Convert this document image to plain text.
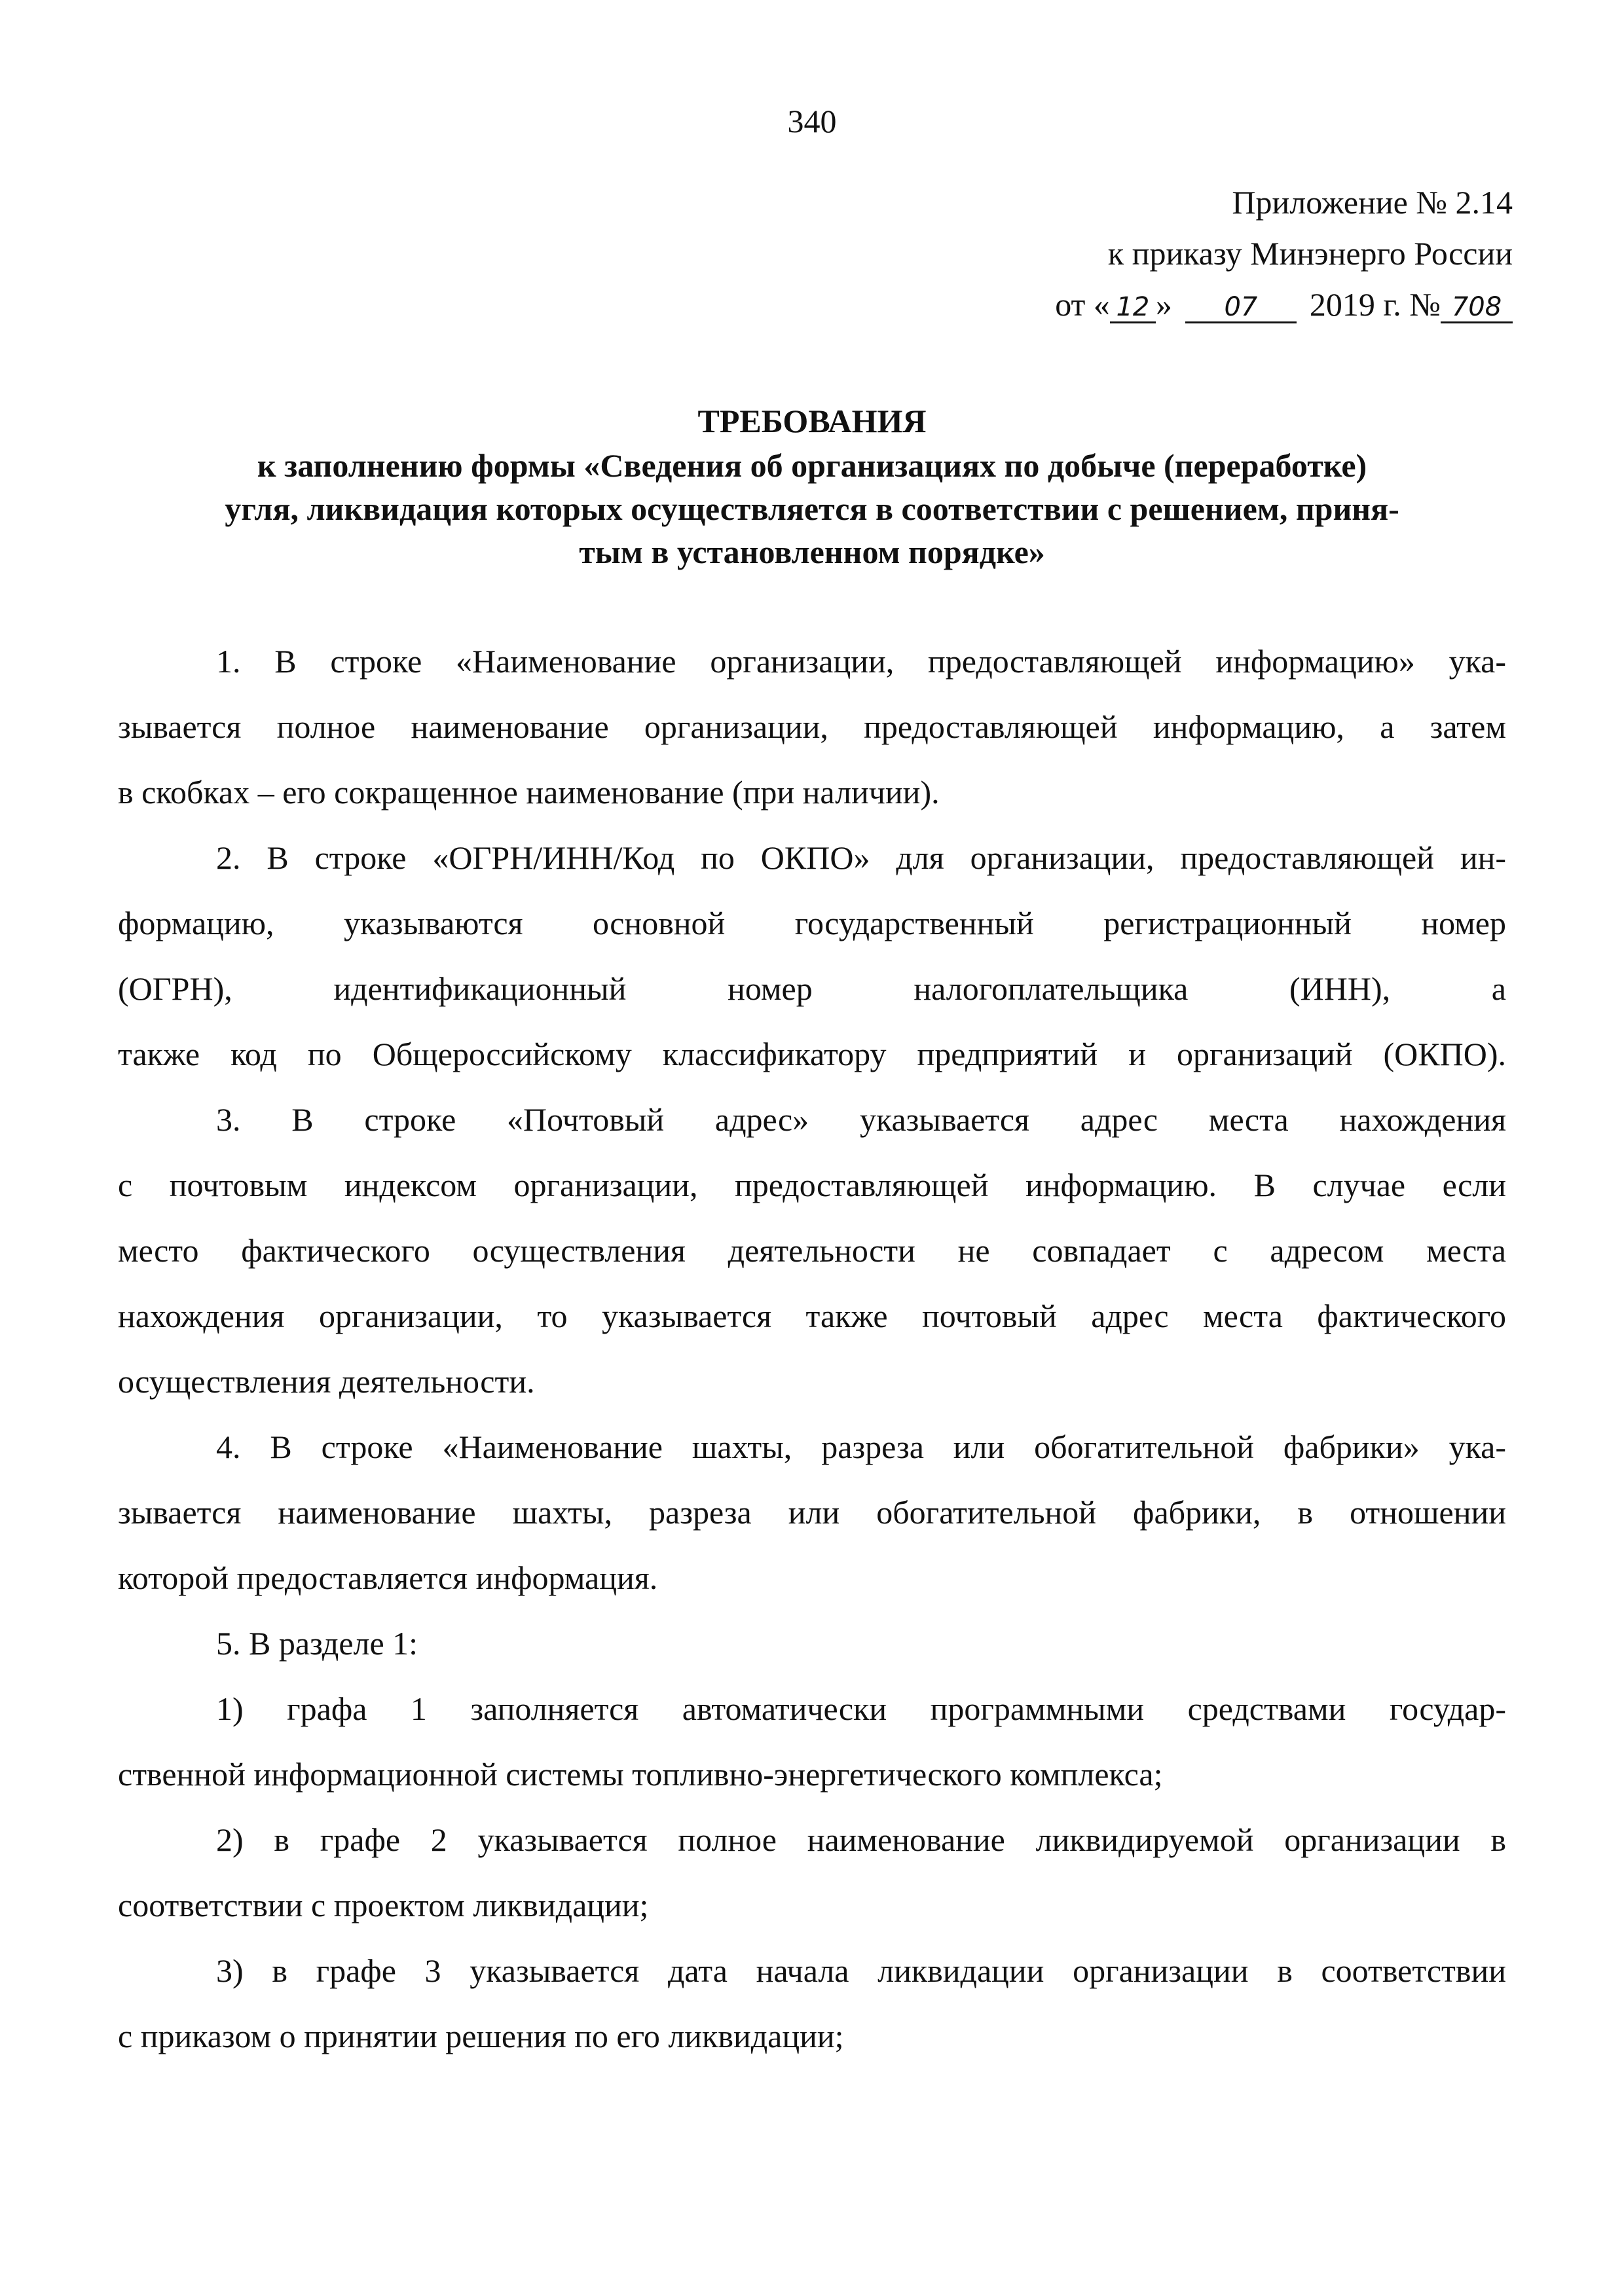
340
Приложение № 2.14
к приказу Минэнерго России
от « 12 » 07 2019 г. № 708
ТРЕБОВАНИЯ
к заполнению формы «Сведения об организациях по добыче (переработке)
угля, ликвидация которых осуществляется в соответствии с решением, приня-
тым в установленном порядке»
1. В строке «Наименование организации, предоставляющей информацию» ука-
зывается полное наименование организации, предоставляющей информацию, а затем
в скобках – его сокращенное наименование (при наличии).
2. В строке «ОГРН/ИНН/Код по ОКПО» для организации, предоставляющей ин-
формацию, указываются основной государственный регистрационный номер
(ОГРН), идентификационный номер налогоплательщика (ИНН), а
также код по Общероссийскому классификатору предприятий и организаций (ОКПО).
3. В строке «Почтовый адрес» указывается адрес места нахождения
с почтовым индексом организации, предоставляющей информацию. В случае если
место фактического осуществления деятельности не совпадает с адресом места
нахождения организации, то указывается также почтовый адрес места фактического
осуществления деятельности.
4. В строке «Наименование шахты, разреза или обогатительной фабрики» ука-
зывается наименование шахты, разреза или обогатительной фабрики, в отношении
которой предоставляется информация.
5. В разделе 1:
1) графа 1 заполняется автоматически программными средствами государ-
ственной информационной системы топливно-энергетического комплекса;
2) в графе 2 указывается полное наименование ликвидируемой организации в
соответствии с проектом ликвидации;
3) в графе 3 указывается дата начала ликвидации организации в соответствии
с приказом о принятии решения по его ликвидации;
